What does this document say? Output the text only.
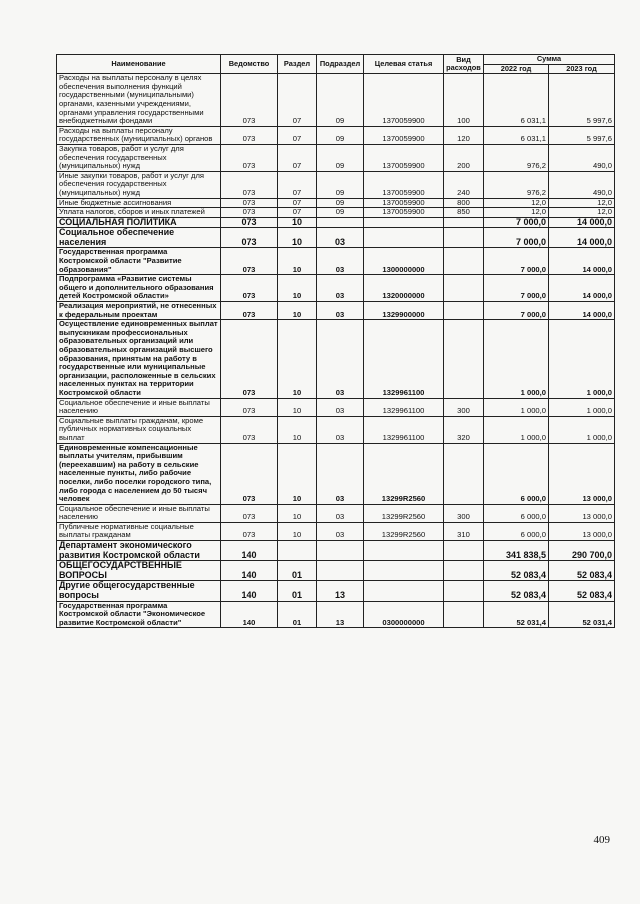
Наименование	Ведомство	Раздел	Подраздел	Целевая статья	Вид расходов	Сумма	
						2022 год	2023 год
Расходы на выплаты персоналу в целях обеспечения выполнения функций государственными (муниципальными) органами, казенными учреждениями, органами управления государственными внебюджетными фондами	073	07	09	1370059900	100	6 031,1	5 997,6
Расходы на выплаты персоналу государственных (муниципальных) органов	073	07	09	1370059900	120	6 031,1	5 997,6
Закупка товаров, работ и услуг для обеспечения государственных (муниципальных) нужд	073	07	09	1370059900	200	976,2	490,0
Иные закупки товаров, работ и услуг для обеспечения государственных (муниципальных) нужд	073	07	09	1370059900	240	976,2	490,0
Иные бюджетные ассигнования	073	07	09	1370059900	800	12,0	12,0
Уплата налогов, сборов и иных платежей	073	07	09	1370059900	850	12,0	12,0
СОЦИАЛЬНАЯ ПОЛИТИКА	073	10				7 000,0	14 000,0
Социальное обеспечение населения	073	10	03			7 000,0	14 000,0
Государственная программа Костромской области "Развитие образования"	073	10	03	1300000000		7 000,0	14 000,0
Подпрограмма «Развитие системы общего и дополнительного образования детей Костромской области»	073	10	03	1320000000		7 000,0	14 000,0
Реализация мероприятий, не отнесенных к федеральным проектам	073	10	03	1329900000		7 000,0	14 000,0
Осуществление единовременных выплат выпускникам профессиональных образовательных организаций или образовательных организаций высшего образования, принятым на работу в государственные или муниципальные организации, расположенные в сельских населенных пунктах на территории Костромской области	073	10	03	1329961100		1 000,0	1 000,0
Социальное обеспечение и иные выплаты населению	073	10	03	1329961100	300	1 000,0	1 000,0
Социальные выплаты гражданам, кроме публичных нормативных социальных выплат	073	10	03	1329961100	320	1 000,0	1 000,0
Единовременные компенсационные выплаты учителям, прибывшим (переехавшим) на работу в сельские населенные пункты, либо рабочие поселки, либо поселки городского типа, либо города с населением до 50 тысяч человек	073	10	03	13299R2560		6 000,0	13 000,0
Социальное обеспечение и иные выплаты населению	073	10	03	13299R2560	300	6 000,0	13 000,0
Публичные нормативные социальные выплаты гражданам	073	10	03	13299R2560	310	6 000,0	13 000,0
Департамент экономического развития Костромской области	140					341 838,5	290 700,0
ОБЩЕГОСУДАРСТВЕННЫЕ ВОПРОСЫ	140	01				52 083,4	52 083,4
Другие общегосударственные вопросы	140	01	13			52 083,4	52 083,4
Государственная программа Костромской области "Экономическое развитие Костромской области"	140	01	13	0300000000		52 031,4	52 031,4
409
